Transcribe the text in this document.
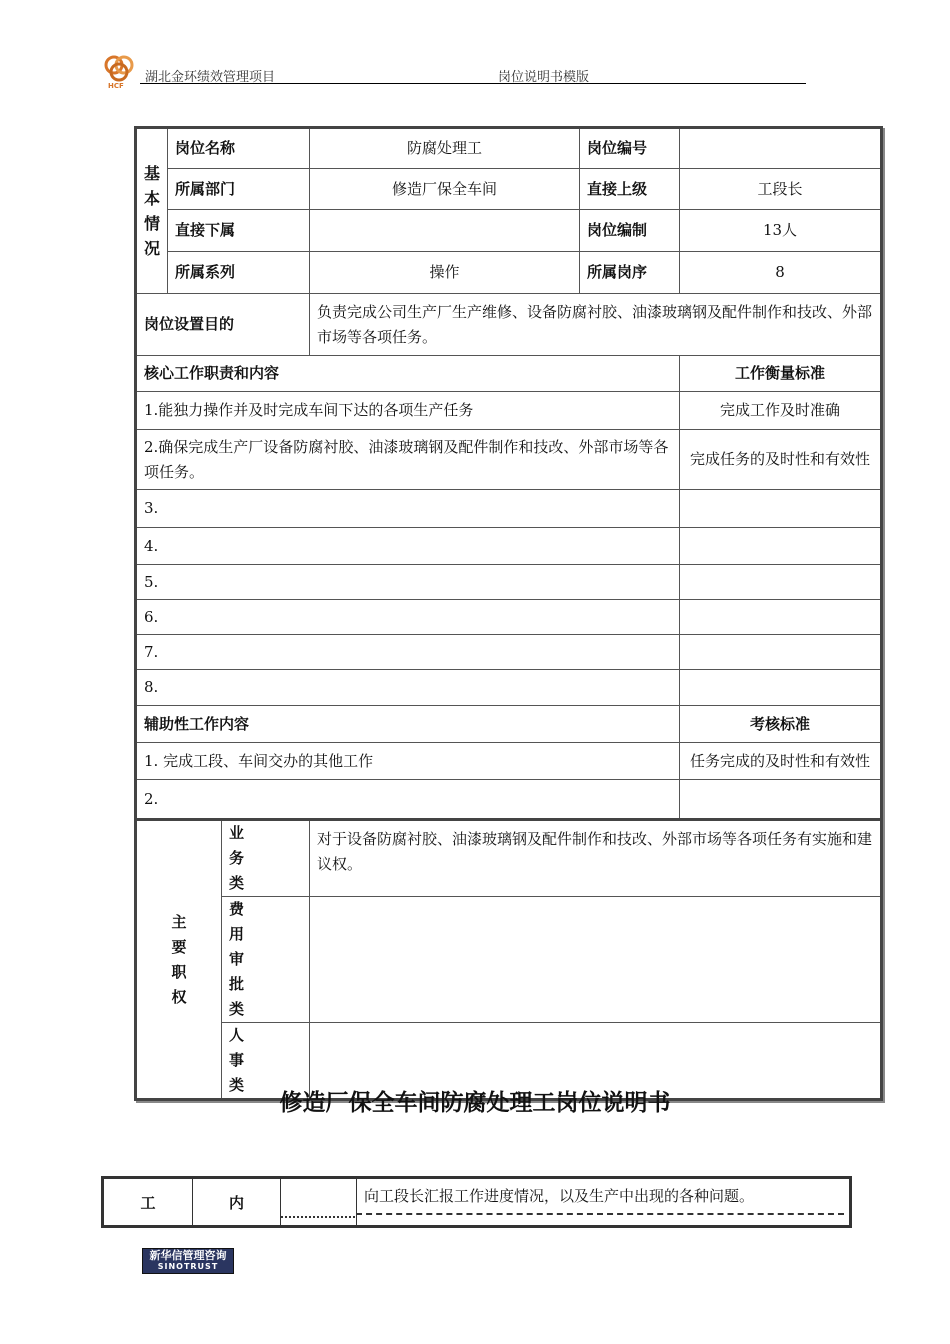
HCF
湖北金环绩效管理项目	岗位说明书模版
基本情况	岗位名称		防腐处理工	岗位编号	
	所属部门		修造厂保全车间	直接上级	工段长
	直接下属			岗位编制	13人
	所属系列		操作	所属岗序	8
岗位设置目的			负责完成公司生产厂生产维修、设备防腐衬胶、油漆玻璃钢及配件制作和技改、外部市场等各项任务。		
核心工作职责和内容					工作衡量标准
1.能独力操作并及时完成车间下达的各项生产任务					完成工作及时准确
2.确保完成生产厂设备防腐衬胶、油漆玻璃钢及配件制作和技改、外部市场等各项任务。					完成任务的及时性和有效性
3.					
4.					
5.					
6.					
7.					
8.					
辅助性工作内容					考核标准
1. 完成工段、车间交办的其他工作					任务完成的及时性和有效性
2.					

主要职权		业务类	对于设备防腐衬胶、油漆玻璃钢及配件制作和技改、外部市场等各项任务有实施和建议权。		

		费用审批类			

		人事类			

修造厂保全车间防腐处理工岗位说明书
工	内		向工段长汇报工作进度情况，以及生产中出现的各种问题。
新华信管理咨询
SINOTRUST
